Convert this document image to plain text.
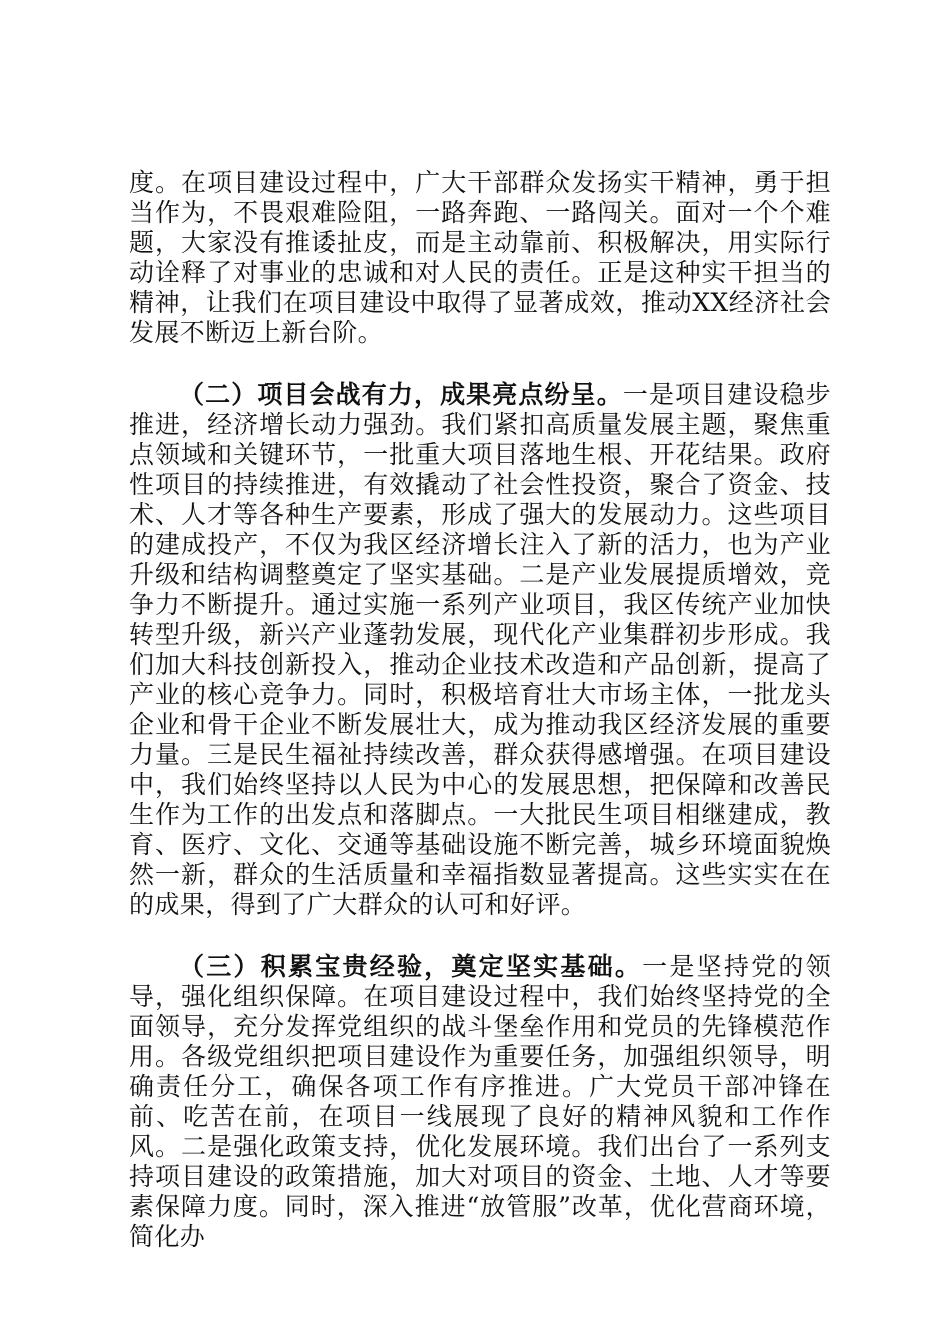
度。在项目建设过程中，广大干部群众发扬实干精神，勇于担当作为，不畏艰难险阻，一路奔跑、一路闯关。面对一个个难题，大家没有推诿扯皮，而是主动靠前、积极解决，用实际行动诠释了对事业的忠诚和对人民的责任。正是这种实干担当的精神，让我们在项目建设中取得了显著成效，推动XX经济社会发展不断迈上新台阶。

（二）项目会战有力，成果亮点纷呈。一是项目建设稳步推进，经济增长动力强劲。我们紧扣高质量发展主题，聚焦重点领域和关键环节，一批重大项目落地生根、开花结果。政府性项目的持续推进，有效撬动了社会性投资，聚合了资金、技术、人才等各种生产要素，形成了强大的发展动力。这些项目的建成投产，不仅为我区经济增长注入了新的活力，也为产业升级和结构调整奠定了坚实基础。二是产业发展提质增效，竞争力不断提升。通过实施一系列产业项目，我区传统产业加快转型升级，新兴产业蓬勃发展，现代化产业集群初步形成。我们加大科技创新投入，推动企业技术改造和产品创新，提高了产业的核心竞争力。同时，积极培育壮大市场主体，一批龙头企业和骨干企业不断发展壮大，成为推动我区经济发展的重要力量。三是民生福祉持续改善，群众获得感增强。在项目建设中，我们始终坚持以人民为中心的发展思想，把保障和改善民生作为工作的出发点和落脚点。一大批民生项目相继建成，教育、医疗、文化、交通等基础设施不断完善，城乡环境面貌焕然一新，群众的生活质量和幸福指数显著提高。这些实实在在的成果，得到了广大群众的认可和好评。

（三）积累宝贵经验，奠定坚实基础。一是坚持党的领导，强化组织保障。在项目建设过程中，我们始终坚持党的全面领导，充分发挥党组织的战斗堡垒作用和党员的先锋模范作用。各级党组织把项目建设作为重要任务，加强组织领导，明确责任分工，确保各项工作有序推进。广大党员干部冲锋在前、吃苦在前，在项目一线展现了良好的精神风貌和工作作风。二是强化政策支持，优化发展环境。我们出台了一系列支持项目建设的政策措施，加大对项目的资金、土地、人才等要素保障力度。同时，深入推进“放管服”改革，优化营商环境，简化办
